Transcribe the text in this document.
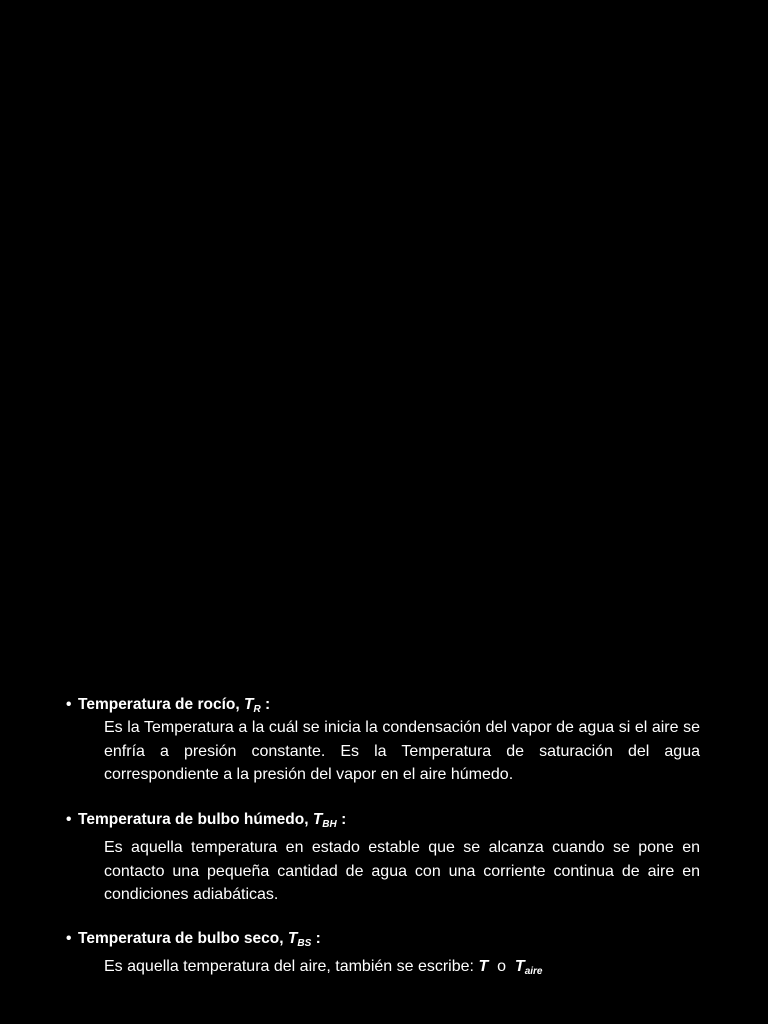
• Temperatura de rocío, $T_R$ :
Es la Temperatura a la cuál se inicia la condensación del vapor de agua si el aire se enfría a presión constante. Es la Temperatura de saturación del agua correspondiente a la presión del vapor en el aire húmedo.
• Temperatura de bulbo húmedo, $T_{BH}$ :
Es aquella temperatura en estado estable que se alcanza cuando se pone en contacto una pequeña cantidad de agua con una corriente continua de aire en condiciones adiabáticas.
• Temperatura de bulbo seco, $T_{BS}$ :
Es aquella temperatura del aire, también se escribe: T o $T_{aire}$
